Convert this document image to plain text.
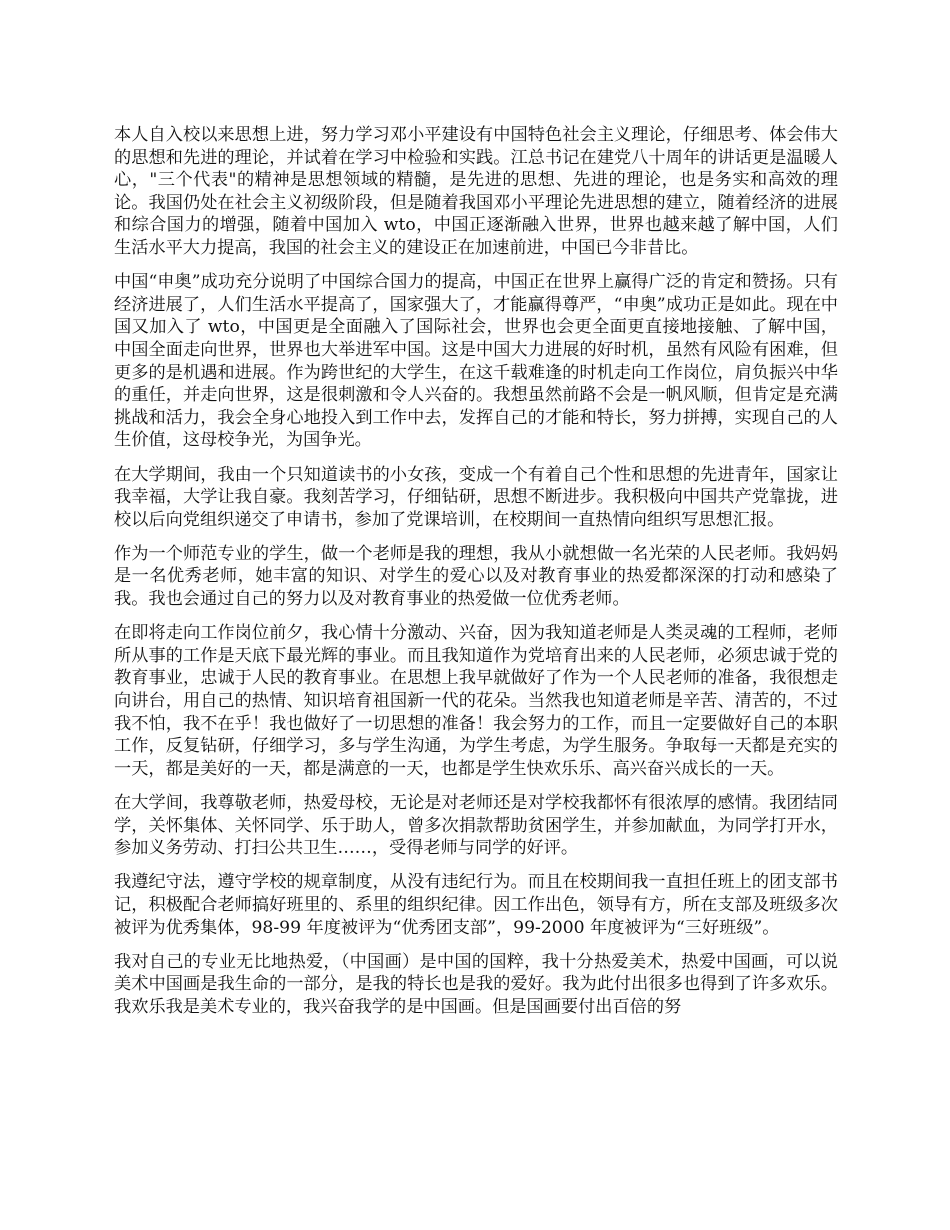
本人自入校以来思想上进，努力学习邓小平建设有中国特色社会主义理论，仔细思考、体会伟大的思想和先进的理论，并试着在学习中检验和实践。江总书记在建党八十周年的讲话更是温暖人心，"三个代表"的精神是思想领域的精髓，是先进的思想、先进的理论，也是务实和高效的理论。我国仍处在社会主义初级阶段，但是随着我国邓小平理论先进思想的建立，随着经济的进展和综合国力的增强，随着中国加入 wto，中国正逐渐融入世界，世界也越来越了解中国，人们生活水平大力提高，我国的社会主义的建设正在加速前进，中国已今非昔比。

中国“申奥”成功充分说明了中国综合国力的提高，中国正在世界上赢得广泛的肯定和赞扬。只有经济进展了，人们生活水平提高了，国家强大了，才能赢得尊严，“申奥”成功正是如此。现在中国又加入了 wto，中国更是全面融入了国际社会，世界也会更全面更直接地接触、了解中国，中国全面走向世界，世界也大举进军中国。这是中国大力进展的好时机，虽然有风险有困难，但更多的是机遇和进展。作为跨世纪的大学生，在这千载难逢的时机走向工作岗位，肩负振兴中华的重任，并走向世界，这是很刺激和令人兴奋的。我想虽然前路不会是一帆风顺，但肯定是充满挑战和活力，我会全身心地投入到工作中去，发挥自己的才能和特长，努力拼搏，实现自己的人生价值，这母校争光，为国争光。

在大学期间，我由一个只知道读书的小女孩，变成一个有着自己个性和思想的先进青年，国家让我幸福，大学让我自豪。我刻苦学习，仔细钻研，思想不断进步。我积极向中国共产党靠拢，进校以后向党组织递交了申请书，参加了党课培训，在校期间一直热情向组织写思想汇报。

作为一个师范专业的学生，做一个老师是我的理想，我从小就想做一名光荣的人民老师。我妈妈是一名优秀老师，她丰富的知识、对学生的爱心以及对教育事业的热爱都深深的打动和感染了我。我也会通过自己的努力以及对教育事业的热爱做一位优秀老师。

在即将走向工作岗位前夕，我心情十分激动、兴奋，因为我知道老师是人类灵魂的工程师，老师所从事的工作是天底下最光辉的事业。而且我知道作为党培育出来的人民老师，必须忠诚于党的教育事业，忠诚于人民的教育事业。在思想上我早就做好了作为一个人民老师的准备，我很想走向讲台，用自己的热情、知识培育祖国新一代的花朵。当然我也知道老师是辛苦、清苦的，不过我不怕，我不在乎！我也做好了一切思想的准备！我会努力的工作，而且一定要做好自己的本职工作，反复钻研，仔细学习，多与学生沟通，为学生考虑，为学生服务。争取每一天都是充实的一天，都是美好的一天，都是满意的一天，也都是学生快欢乐乐、高兴奋兴成长的一天。

在大学间，我尊敬老师，热爱母校，无论是对老师还是对学校我都怀有很浓厚的感情。我团结同学，关怀集体、关怀同学、乐于助人，曾多次捐款帮助贫困学生，并参加献血，为同学打开水，参加义务劳动、打扫公共卫生……，受得老师与同学的好评。

我遵纪守法，遵守学校的规章制度，从没有违纪行为。而且在校期间我一直担任班上的团支部书记，积极配合老师搞好班里的、系里的组织纪律。因工作出色，领导有方，所在支部及班级多次被评为优秀集体，98-99 年度被评为“优秀团支部”，99-2000 年度被评为“三好班级”。

我对自己的专业无比地热爱，（中国画）是中国的国粹，我十分热爱美术，热爱中国画，可以说美术中国画是我生命的一部分，是我的特长也是我的爱好。我为此付出很多也得到了许多欢乐。我欢乐我是美术专业的，我兴奋我学的是中国画。但是国画要付出百倍的努
